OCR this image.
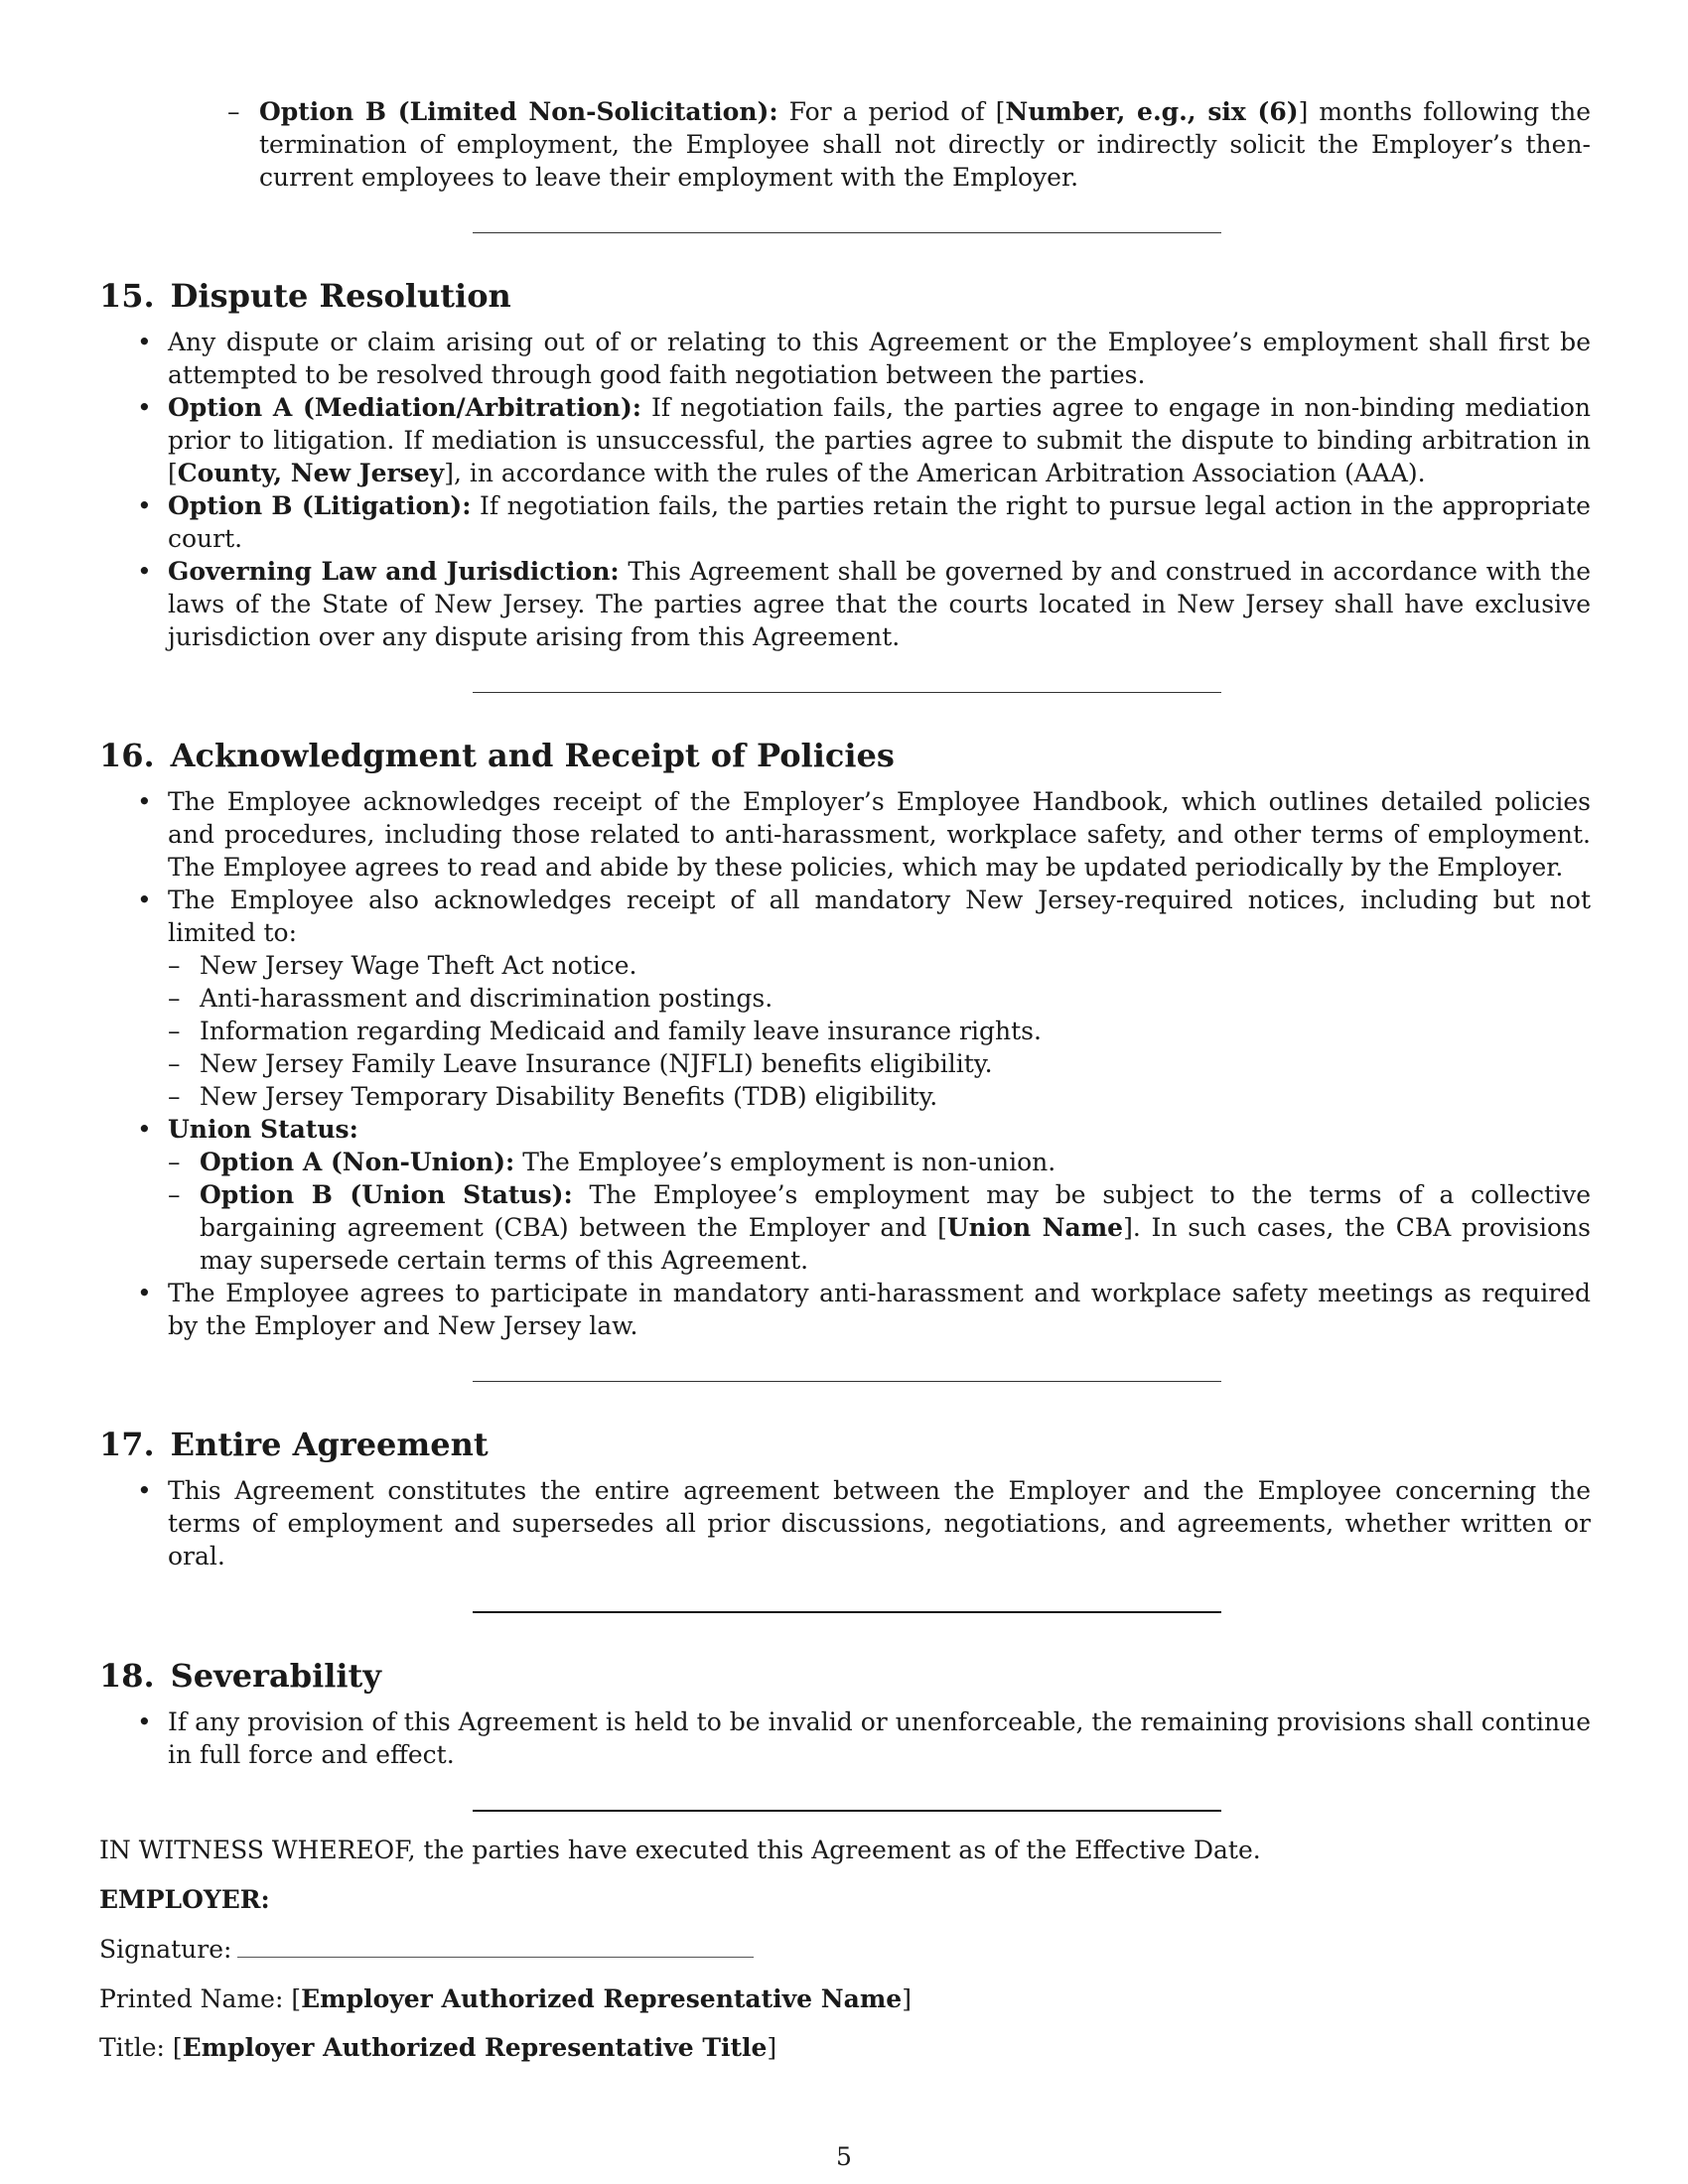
– Option B (Limited Non-Solicitation): For a period of [Number, e.g., six (6)] months following the termination of employment, the Employee shall not directly or indirectly solicit the Employer’s then-current employees to leave their employment with the Employer.
15. Dispute Resolution
• Any dispute or claim arising out of or relating to this Agreement or the Employee’s employment shall first be attempted to be resolved through good faith negotiation between the parties.
• Option A (Mediation/Arbitration): If negotiation fails, the parties agree to engage in non-binding mediation prior to litigation. If mediation is unsuccessful, the parties agree to submit the dispute to binding arbitration in [County, New Jersey], in accordance with the rules of the American Arbitration Association (AAA).
• Option B (Litigation): If negotiation fails, the parties retain the right to pursue legal action in the appropriate court.
• Governing Law and Jurisdiction: This Agreement shall be governed by and construed in accordance with the laws of the State of New Jersey. The parties agree that the courts located in New Jersey shall have exclusive jurisdiction over any dispute arising from this Agreement.
16. Acknowledgment and Receipt of Policies
• The Employee acknowledges receipt of the Employer’s Employee Handbook, which outlines detailed policies and procedures, including those related to anti-harassment, workplace safety, and other terms of employment. The Employee agrees to read and abide by these policies, which may be updated periodically by the Employer.
• The Employee also acknowledges receipt of all mandatory New Jersey-required notices, including but not limited to:
– New Jersey Wage Theft Act notice.
– Anti-harassment and discrimination postings.
– Information regarding Medicaid and family leave insurance rights.
– New Jersey Family Leave Insurance (NJFLI) benefits eligibility.
– New Jersey Temporary Disability Benefits (TDB) eligibility.
• Union Status:
– Option A (Non-Union): The Employee’s employment is non-union.
– Option B (Union Status): The Employee’s employment may be subject to the terms of a collective bargaining agreement (CBA) between the Employer and [Union Name]. In such cases, the CBA provisions may supersede certain terms of this Agreement.
• The Employee agrees to participate in mandatory anti-harassment and workplace safety meetings as required by the Employer and New Jersey law.
17. Entire Agreement
• This Agreement constitutes the entire agreement between the Employer and the Employee concerning the terms of employment and supersedes all prior discussions, negotiations, and agreements, whether written or oral.
18. Severability
• If any provision of this Agreement is held to be invalid or unenforceable, the remaining provisions shall continue in full force and effect.
IN WITNESS WHEREOF, the parties have executed this Agreement as of the Effective Date.
EMPLOYER:
Signature:
Printed Name: [Employer Authorized Representative Name]
Title: [Employer Authorized Representative Title]
5
